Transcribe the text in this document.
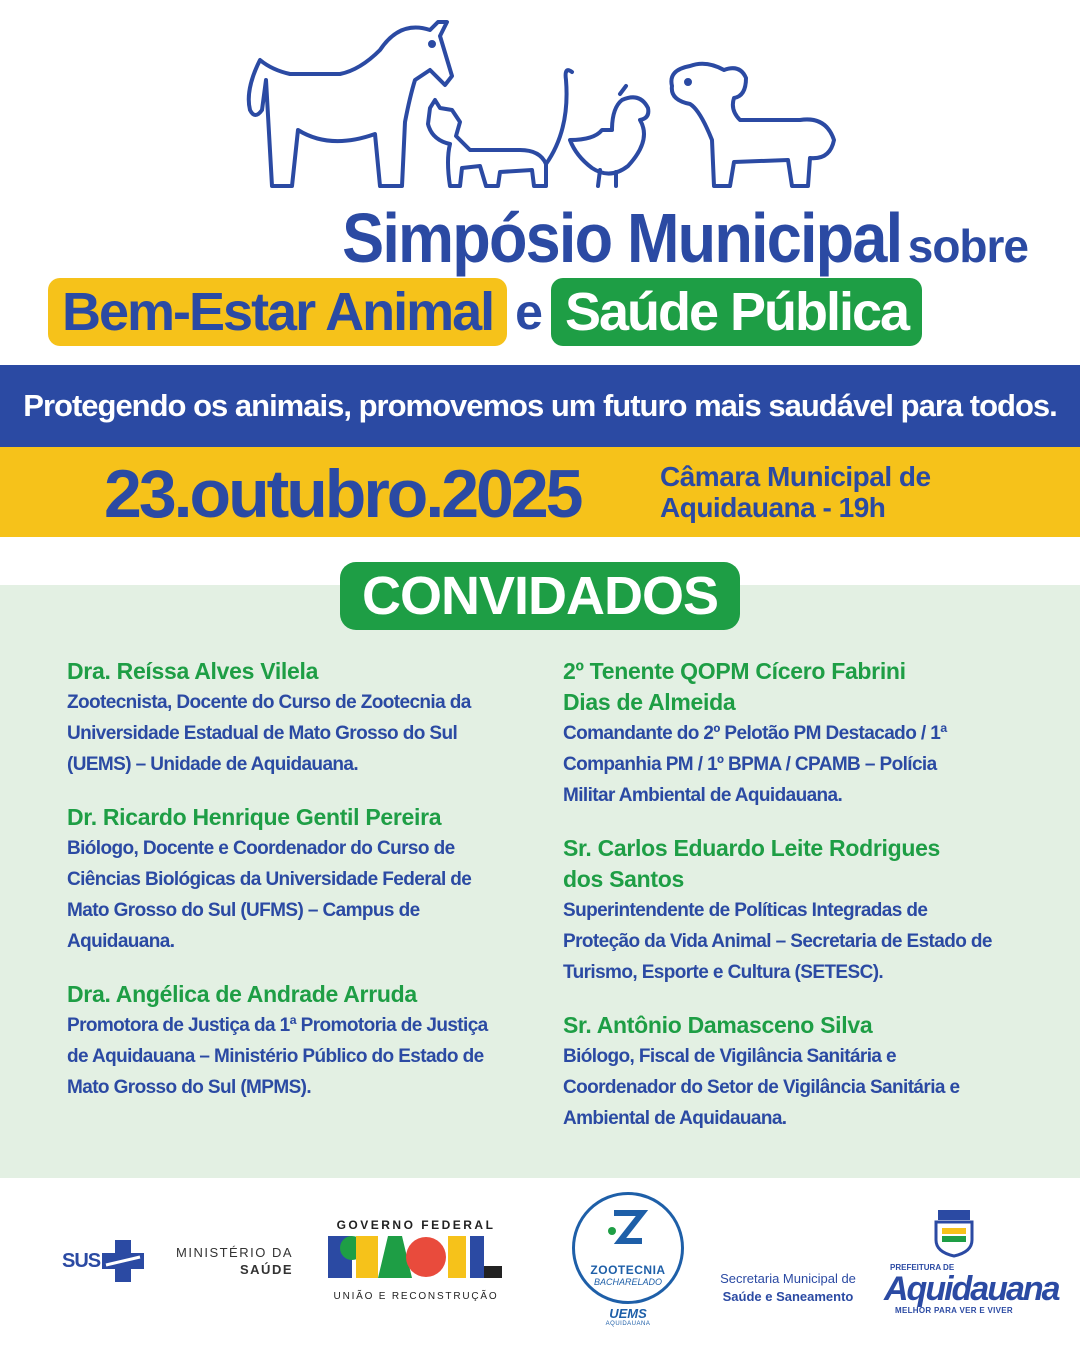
Simpósio Municipal sobre
Bem-Estar Animal e Saúde Pública
Protegendo os animais, promovemos um futuro mais saudável para todos.
23.outubro.2025	Câmara Municipal de
Aquidauana - 19h
CONVIDADOS
Dra. Reíssa Alves Vilela
Zootecnista, Docente do Curso de Zootecnia da
Universidade Estadual de Mato Grosso do Sul
(UEMS) – Unidade de Aquidauana.
Dr. Ricardo Henrique Gentil Pereira
Biólogo, Docente e Coordenador do Curso de
Ciências Biológicas da Universidade Federal de
Mato Grosso do Sul (UFMS) – Campus de
Aquidauana.
Dra. Angélica de Andrade Arruda
Promotora de Justiça da 1ª Promotoria de Justiça
de Aquidauana – Ministério Público do Estado de
Mato Grosso do Sul (MPMS).
2º Tenente QOPM Cícero Fabrini
Dias de Almeida
Comandante do 2º Pelotão PM Destacado / 1ª
Companhia PM / 1º BPMA / CPAMB – Polícia
Militar Ambiental de Aquidauana.
Sr. Carlos Eduardo Leite Rodrigues
dos Santos
Superintendente de Políticas Integradas de
Proteção da Vida Animal – Secretaria de Estado de
Turismo, Esporte e Cultura (SETESC).
Sr. Antônio Damasceno Silva
Biólogo, Fiscal de Vigilância Sanitária e
Coordenador do Setor de Vigilância Sanitária e
Ambiental de Aquidauana.
SUS	MINISTÉRIO DA
SAÚDE
GOVERNO FEDERAL
UNIÃO E RECONSTRUÇÃO
ZOOTECNIA
BACHARELADO
UEMS
AQUIDAUANA
Secretaria Municipal de
Saúde e Saneamento
PREFEITURA DE
Aquidauana
MELHOR PARA VER E VIVER
